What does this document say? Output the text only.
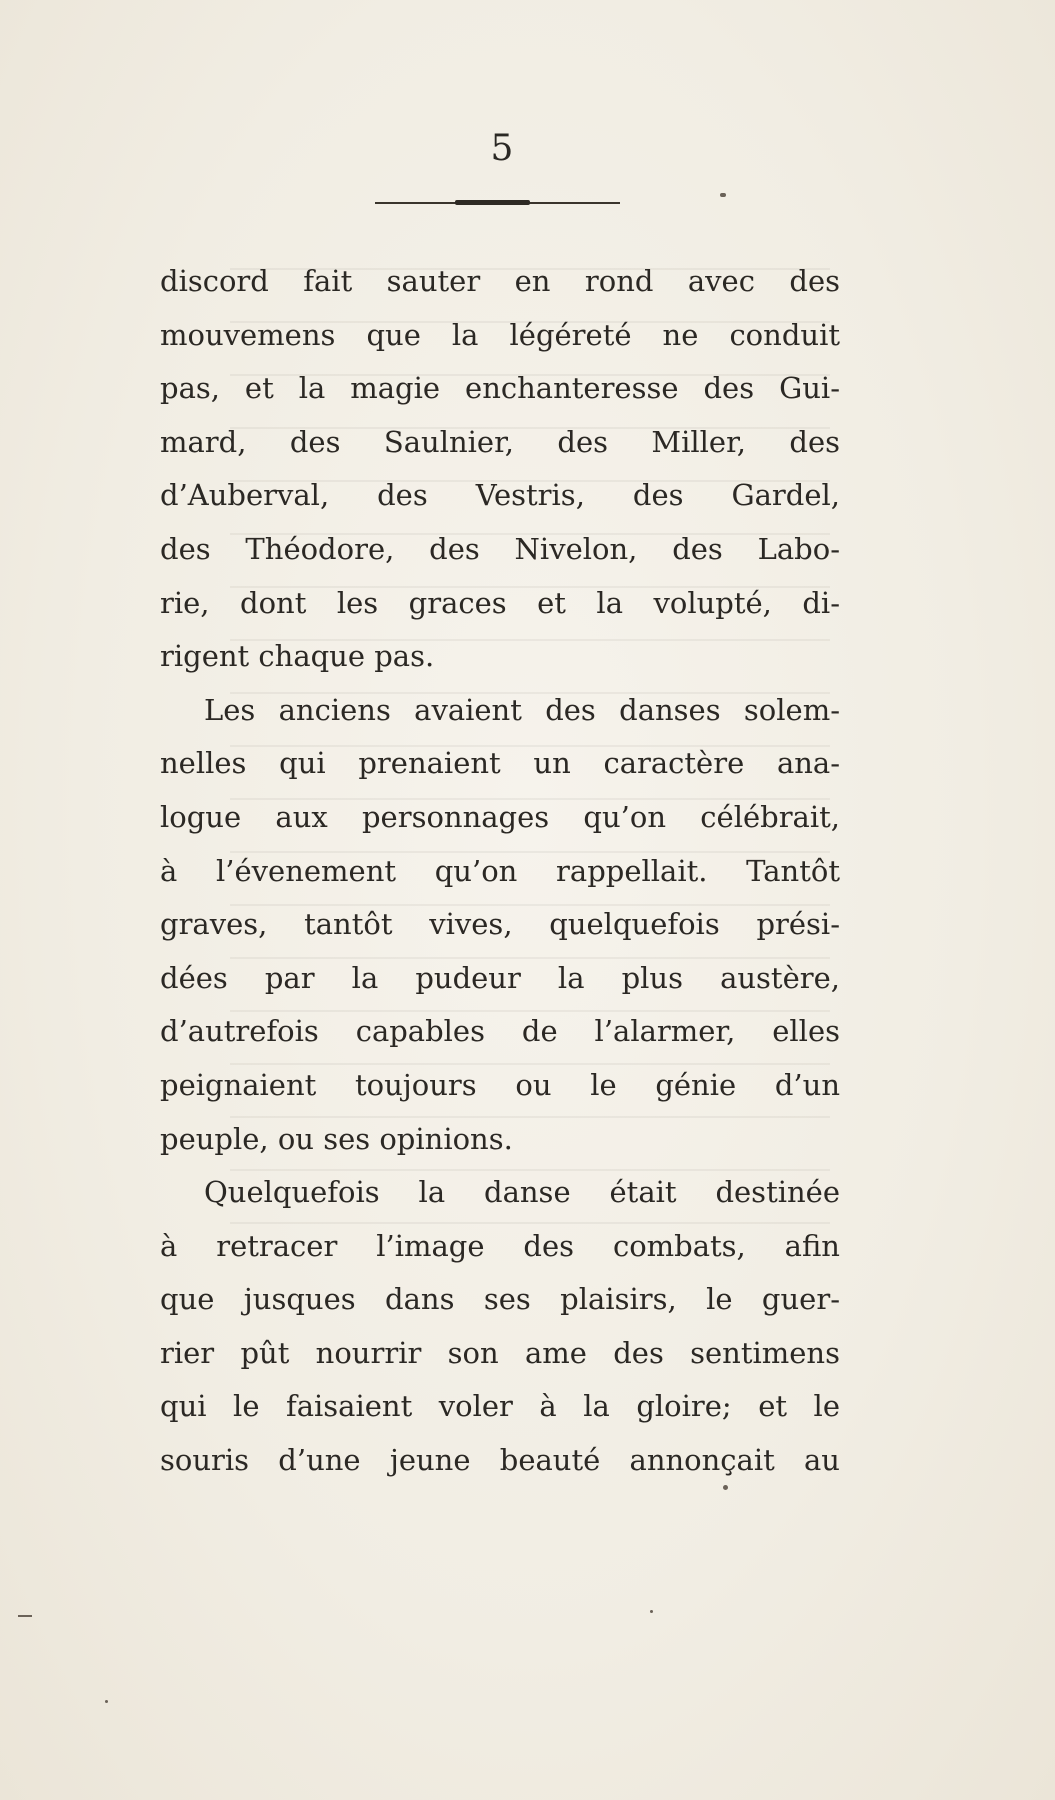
5
discord fait sauter en rond avec des
mouvemens que la légéreté ne conduit
pas, et la magie enchanteresse des Gui-
mard, des Saulnier, des Miller, des
d’Auberval, des Vestris, des Gardel,
des Théodore, des Nivelon, des Labo-
rie, dont les graces et la volupté, di-
rigent chaque pas.
Les anciens avaient des danses solem-
nelles qui prenaient un caractère ana-
logue aux personnages qu’on célébrait,
à l’évenement qu’on rappellait. Tantôt
graves, tantôt vives, quelquefois prési-
dées par la pudeur la plus austère,
d’autrefois capables de l’alarmer, elles
peignaient toujours ou le génie d’un
peuple, ou ses opinions.
Quelquefois la danse était destinée
à retracer l’image des combats, afin
que jusques dans ses plaisirs, le guer-
rier pût nourrir son ame des sentimens
qui le faisaient voler à la gloire; et le
souris d’une jeune beauté annonçait au
